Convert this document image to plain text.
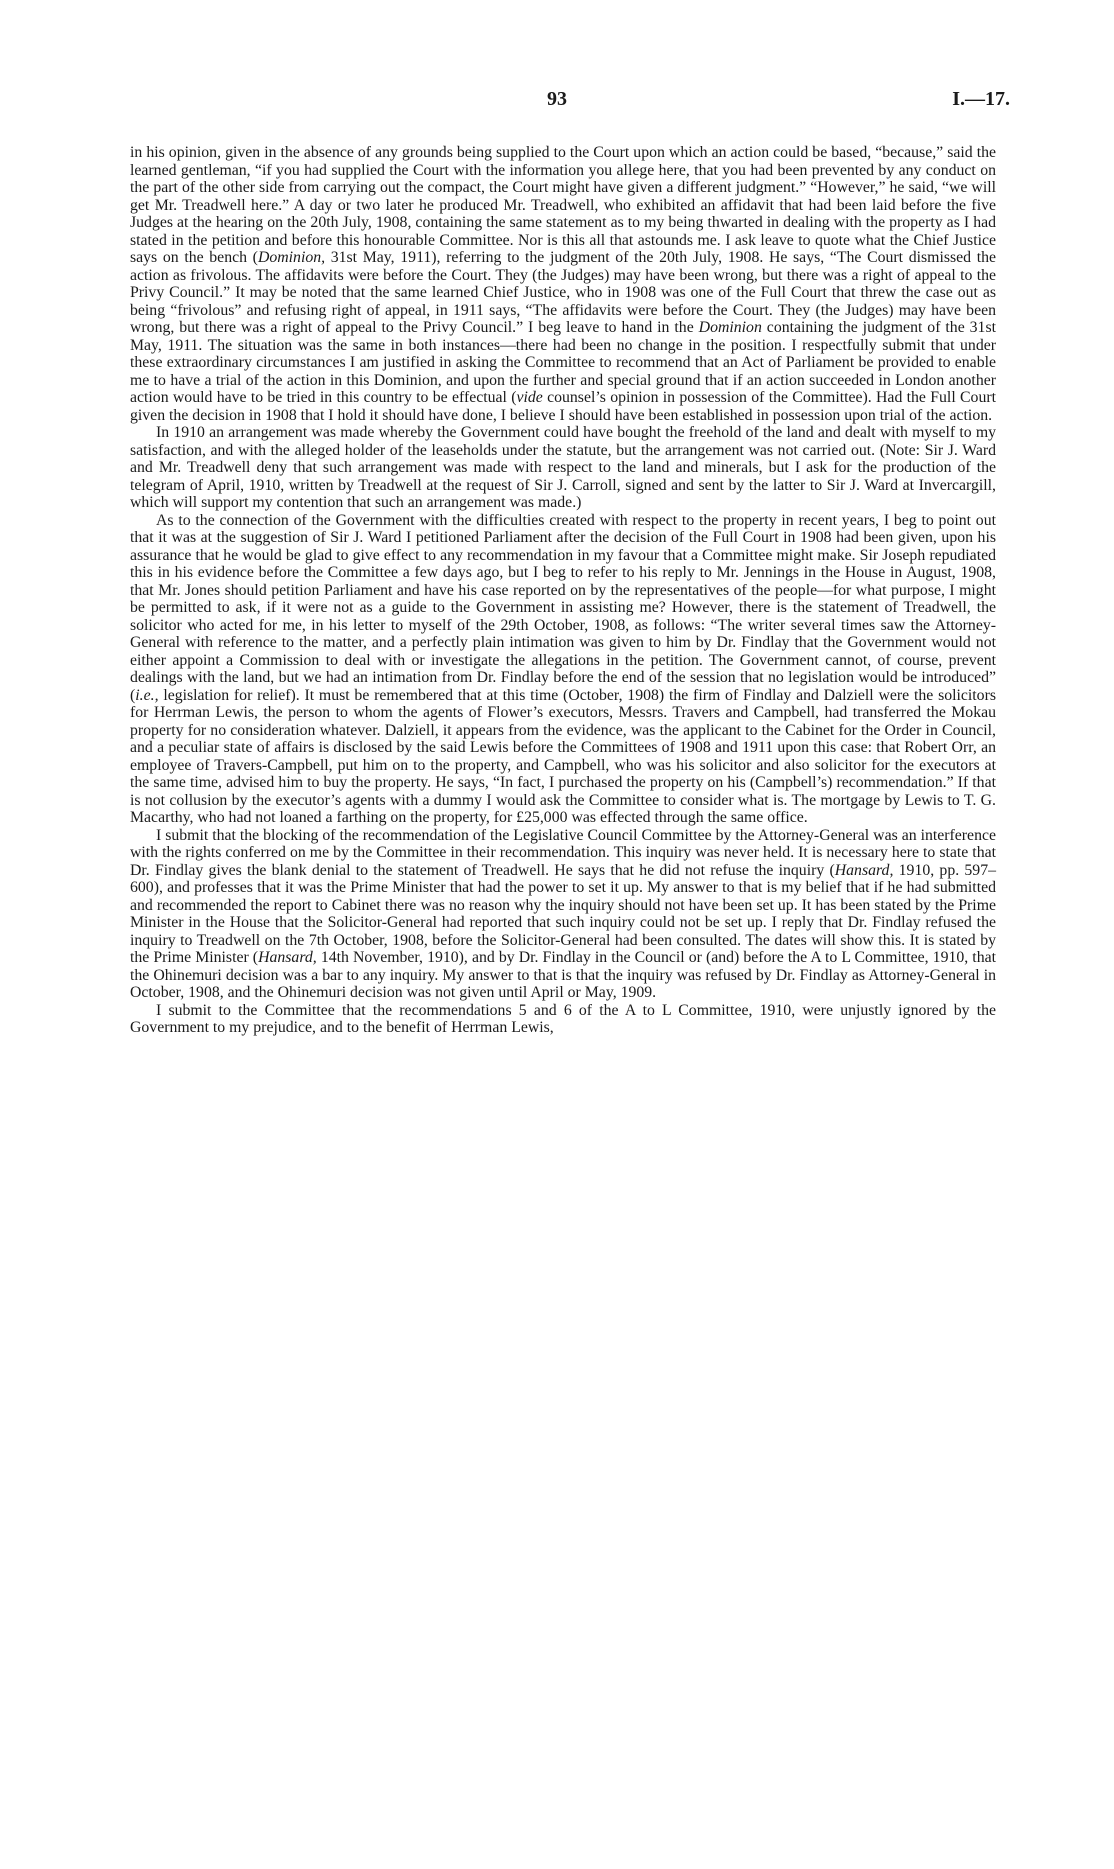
93	I.—17.

in his opinion, given in the absence of any grounds being supplied to the Court upon which an action could be based, “because,” said the learned gentleman, “if you had supplied the Court with the information you allege here, that you had been prevented by any conduct on the part of the other side from carrying out the compact, the Court might have given a different judgment.” “However,” he said, “we will get Mr. Treadwell here.” A day or two later he produced Mr. Treadwell, who exhibited an affidavit that had been laid before the five Judges at the hearing on the 20th July, 1908, containing the same statement as to my being thwarted in dealing with the property as I had stated in the petition and before this honourable Committee. Nor is this all that astounds me. I ask leave to quote what the Chief Justice says on the bench (Dominion, 31st May, 1911), referring to the judgment of the 20th July, 1908. He says, “The Court dismissed the action as frivolous. The affidavits were before the Court. They (the Judges) may have been wrong, but there was a right of appeal to the Privy Council.” It may be noted that the same learned Chief Justice, who in 1908 was one of the Full Court that threw the case out as being “frivolous” and refusing right of appeal, in 1911 says, “The affidavits were before the Court. They (the Judges) may have been wrong, but there was a right of appeal to the Privy Council.” I beg leave to hand in the Dominion containing the judgment of the 31st May, 1911. The situation was the same in both instances—there had been no change in the position. I respectfully submit that under these extraordinary circumstances I am justified in asking the Committee to recommend that an Act of Parliament be provided to enable me to have a trial of the action in this Dominion, and upon the further and special ground that if an action succeeded in London another action would have to be tried in this country to be effectual (vide counsel’s opinion in possession of the Committee). Had the Full Court given the decision in 1908 that I hold it should have done, I believe I should have been established in possession upon trial of the action.

In 1910 an arrangement was made whereby the Government could have bought the freehold of the land and dealt with myself to my satisfaction, and with the alleged holder of the leaseholds under the statute, but the arrangement was not carried out. (Note: Sir J. Ward and Mr. Treadwell deny that such arrangement was made with respect to the land and minerals, but I ask for the production of the telegram of April, 1910, written by Treadwell at the request of Sir J. Carroll, signed and sent by the latter to Sir J. Ward at Invercargill, which will support my contention that such an arrangement was made.)

As to the connection of the Government with the difficulties created with respect to the property in recent years, I beg to point out that it was at the suggestion of Sir J. Ward I petitioned Parliament after the decision of the Full Court in 1908 had been given, upon his assurance that he would be glad to give effect to any recommendation in my favour that a Committee might make. Sir Joseph repudiated this in his evidence before the Committee a few days ago, but I beg to refer to his reply to Mr. Jennings in the House in August, 1908, that Mr. Jones should petition Parliament and have his case reported on by the representatives of the people—for what purpose, I might be permitted to ask, if it were not as a guide to the Government in assisting me? However, there is the statement of Treadwell, the solicitor who acted for me, in his letter to myself of the 29th October, 1908, as follows: “The writer several times saw the Attorney-General with reference to the matter, and a perfectly plain intimation was given to him by Dr. Findlay that the Government would not either appoint a Commission to deal with or investigate the allegations in the petition. The Government cannot, of course, prevent dealings with the land, but we had an intimation from Dr. Findlay before the end of the session that no legislation would be introduced” (i.e., legislation for relief). It must be remembered that at this time (October, 1908) the firm of Findlay and Dalziell were the solicitors for Herrman Lewis, the person to whom the agents of Flower’s executors, Messrs. Travers and Campbell, had transferred the Mokau property for no consideration whatever. Dalziell, it appears from the evidence, was the applicant to the Cabinet for the Order in Council, and a peculiar state of affairs is disclosed by the said Lewis before the Committees of 1908 and 1911 upon this case: that Robert Orr, an employee of Travers-Campbell, put him on to the property, and Campbell, who was his solicitor and also solicitor for the executors at the same time, advised him to buy the property. He says, “In fact, I purchased the property on his (Campbell’s) recommendation.” If that is not collusion by the executor’s agents with a dummy I would ask the Committee to consider what is. The mortgage by Lewis to T. G. Macarthy, who had not loaned a farthing on the property, for £25,000 was effected through the same office.

I submit that the blocking of the recommendation of the Legislative Council Committee by the Attorney-General was an interference with the rights conferred on me by the Committee in their recommendation. This inquiry was never held. It is necessary here to state that Dr. Findlay gives the blank denial to the statement of Treadwell. He says that he did not refuse the inquiry (Hansard, 1910, pp. 597–600), and professes that it was the Prime Minister that had the power to set it up. My answer to that is my belief that if he had submitted and recommended the report to Cabinet there was no reason why the inquiry should not have been set up. It has been stated by the Prime Minister in the House that the Solicitor-General had reported that such inquiry could not be set up. I reply that Dr. Findlay refused the inquiry to Treadwell on the 7th October, 1908, before the Solicitor-General had been consulted. The dates will show this. It is stated by the Prime Minister (Hansard, 14th November, 1910), and by Dr. Findlay in the Council or (and) before the A to L Committee, 1910, that the Ohinemuri decision was a bar to any inquiry. My answer to that is that the inquiry was refused by Dr. Findlay as Attorney-General in October, 1908, and the Ohinemuri decision was not given until April or May, 1909.

I submit to the Committee that the recommendations 5 and 6 of the A to L Committee, 1910, were unjustly ignored by the Government to my prejudice, and to the benefit of Herrman Lewis,
